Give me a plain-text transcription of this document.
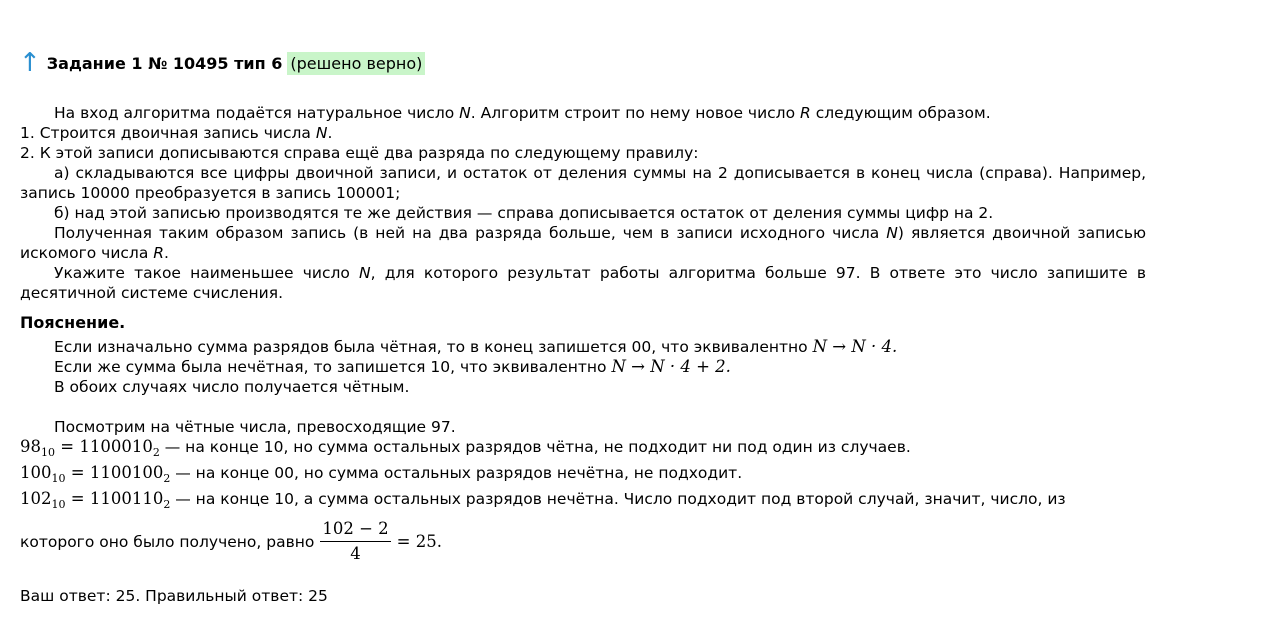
↑ Задание 1 № 10495 тип 6 (решено верно)

На вход алгоритма подаётся натуральное число N. Алгоритм строит по нему новое число R следующим образом.

1. Строится двоичная запись числа N.

2. К этой записи дописываются справа ещё два разряда по следующему правилу:

а) складываются все цифры двоичной записи, и остаток от деления суммы на 2 дописывается в конец числа (справа). Например, запись 10000 преобразуется в запись 100001;

б) над этой записью производятся те же действия — справа дописывается остаток от деления суммы цифр на 2.

Полученная таким образом запись (в ней на два разряда больше, чем в записи исходного числа N) является двоичной записью искомого числа R.

Укажите такое наименьшее число N, для которого результат работы алгоритма больше 97. В ответе это число запишите в десятичной системе счисления.

Пояснение.

Если изначально сумма разрядов была чётная, то в конец запишется 00, что эквивалентно N → N · 4.

Если же сумма была нечётная, то запишется 10, что эквивалентно N → N · 4 + 2.

В обоих случаях число получается чётным.

Посмотрим на чётные числа, превосходящие 97.

$98_{10} = 1100010_2$ — на конце 10, но сумма остальных разрядов чётна, не подходит ни под один из случаев.

$100_{10} = 1100100_2$ — на конце 00, но сумма остальных разрядов нечётна, не подходит.

$102_{10} = 1100110_2$ — на конце 10, а сумма остальных разрядов нечётна. Число подходит под второй случай, значит, число, из

которого оно было получено, равно $\frac{102 - 2}{4} = 25$.

Ваш ответ: 25. Правильный ответ: 25
